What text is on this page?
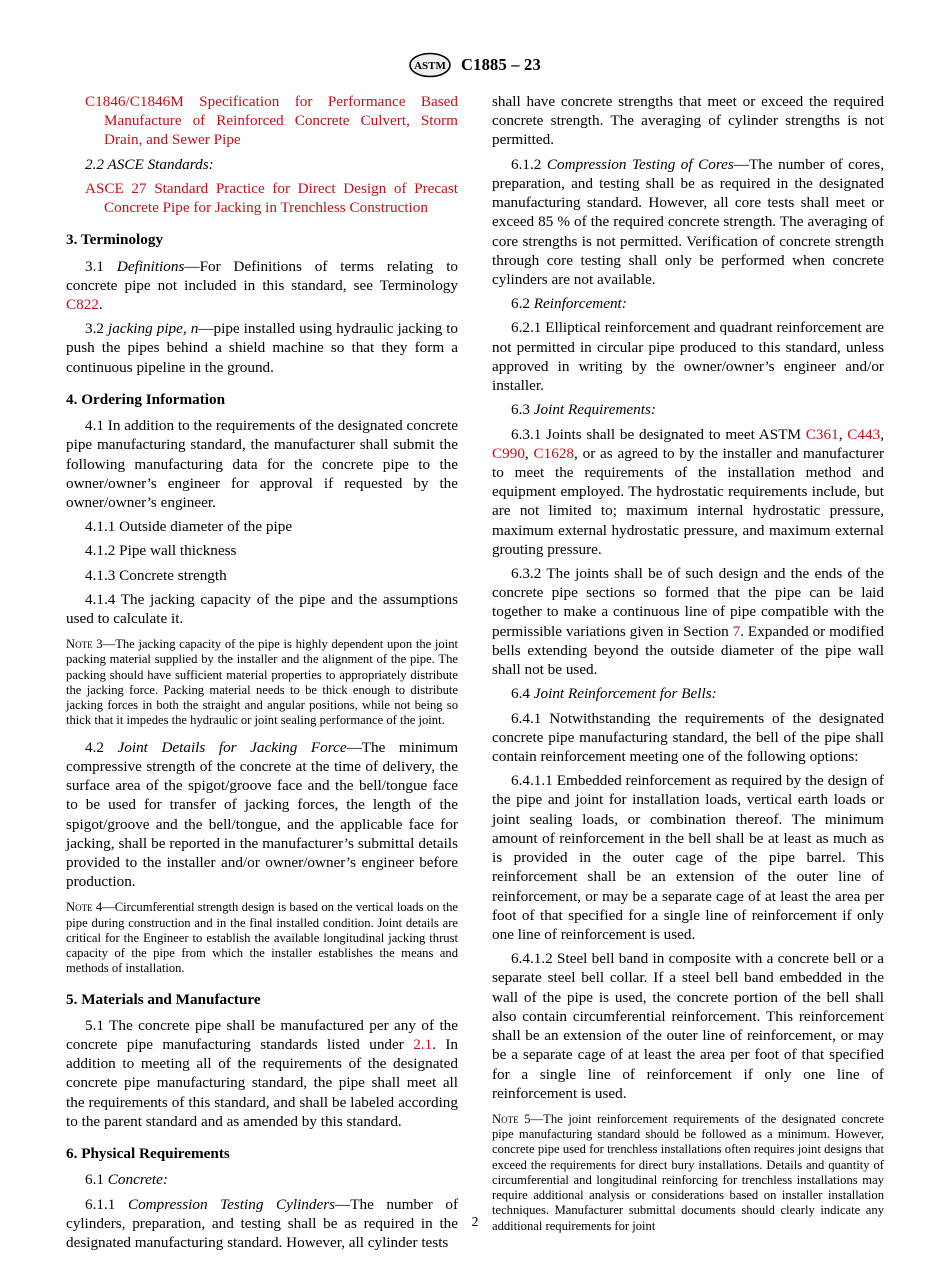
ASTM C1885 – 23

C1846/C1846M Specification for Performance Based Manufacture of Reinforced Concrete Culvert, Storm Drain, and Sewer Pipe

2.2 ASCE Standards:

ASCE 27 Standard Practice for Direct Design of Precast Concrete Pipe for Jacking in Trenchless Construction

3. Terminology

3.1 Definitions—For Definitions of terms relating to concrete pipe not included in this standard, see Terminology C822.

3.2 jacking pipe, n—pipe installed using hydraulic jacking to push the pipes behind a shield machine so that they form a continuous pipeline in the ground.

4. Ordering Information

4.1 In addition to the requirements of the designated concrete pipe manufacturing standard, the manufacturer shall submit the following manufacturing data for the concrete pipe to the owner/owner’s engineer for approval if requested by the owner/owner’s engineer.

4.1.1 Outside diameter of the pipe

4.1.2 Pipe wall thickness

4.1.3 Concrete strength

4.1.4 The jacking capacity of the pipe and the assumptions used to calculate it.

Note 3—The jacking capacity of the pipe is highly dependent upon the joint packing material supplied by the installer and the alignment of the pipe. The packing should have sufficient material properties to appropriately distribute the jacking force. Packing material needs to be thick enough to distribute jacking forces in both the straight and angular positions, while not being so thick that it impedes the hydraulic or joint sealing performance of the joint.

4.2 Joint Details for Jacking Force—The minimum compressive strength of the concrete at the time of delivery, the surface area of the spigot/groove face and the bell/tongue face to be used for transfer of jacking forces, the length of the spigot/groove and the bell/tongue, and the applicable face for jacking, shall be reported in the manufacturer’s submittal details provided to the installer and/or owner/owner’s engineer before production.

Note 4—Circumferential strength design is based on the vertical loads on the pipe during construction and in the final installed condition. Joint details are critical for the Engineer to establish the available longitudinal jacking thrust capacity of the pipe from which the installer establishes the means and methods of installation.

5. Materials and Manufacture

5.1 The concrete pipe shall be manufactured per any of the concrete pipe manufacturing standards listed under 2.1. In addition to meeting all of the requirements of the designated concrete pipe manufacturing standard, the pipe shall meet all the requirements of this standard, and shall be labeled according to the parent standard and as amended by this standard.

6. Physical Requirements

6.1 Concrete:

6.1.1 Compression Testing Cylinders—The number of cylinders, preparation, and testing shall be as required in the designated manufacturing standard. However, all cylinder tests

shall have concrete strengths that meet or exceed the required concrete strength. The averaging of cylinder strengths is not permitted.

6.1.2 Compression Testing of Cores—The number of cores, preparation, and testing shall be as required in the designated manufacturing standard. However, all core tests shall meet or exceed 85 % of the required concrete strength. The averaging of core strengths is not permitted. Verification of concrete strength through core testing shall only be performed when concrete cylinders are not available.

6.2 Reinforcement:

6.2.1 Elliptical reinforcement and quadrant reinforcement are not permitted in circular pipe produced to this standard, unless approved in writing by the owner/owner’s engineer and/or installer.

6.3 Joint Requirements:

6.3.1 Joints shall be designated to meet ASTM C361, C443, C990, C1628, or as agreed to by the installer and manufacturer to meet the requirements of the installation method and equipment employed. The hydrostatic requirements include, but are not limited to; maximum internal hydrostatic pressure, maximum external hydrostatic pressure, and maximum external grouting pressure.

6.3.2 The joints shall be of such design and the ends of the concrete pipe sections so formed that the pipe can be laid together to make a continuous line of pipe compatible with the permissible variations given in Section 7. Expanded or modified bells extending beyond the outside diameter of the pipe wall shall not be used.

6.4 Joint Reinforcement for Bells:

6.4.1 Notwithstanding the requirements of the designated concrete pipe manufacturing standard, the bell of the pipe shall contain reinforcement meeting one of the following options:

6.4.1.1 Embedded reinforcement as required by the design of the pipe and joint for installation loads, vertical earth loads or joint sealing loads, or combination thereof. The minimum amount of reinforcement in the bell shall be at least as much as is provided in the outer cage of the pipe barrel. This reinforcement shall be an extension of the outer line of reinforcement, or may be a separate cage of at least the area per foot of that specified for a single line of reinforcement if only one line of reinforcement is used.

6.4.1.2 Steel bell band in composite with a concrete bell or a separate steel bell collar. If a steel bell band embedded in the wall of the pipe is used, the concrete portion of the bell shall also contain circumferential reinforcement. This reinforcement shall be an extension of the outer line of reinforcement, or may be a separate cage of at least the area per foot of that specified for a single line of reinforcement if only one line of reinforcement is used.

Note 5—The joint reinforcement requirements of the designated concrete pipe manufacturing standard should be followed as a minimum. However, concrete pipe used for trenchless installations often requires joint designs that exceed the requirements for direct bury installations. Details and quantity of circumferential and longitudinal reinforcing for trenchless installations may require additional analysis or considerations based on installer installation techniques. Manufacturer submittal documents should clearly indicate any additional requirements for joint

2
